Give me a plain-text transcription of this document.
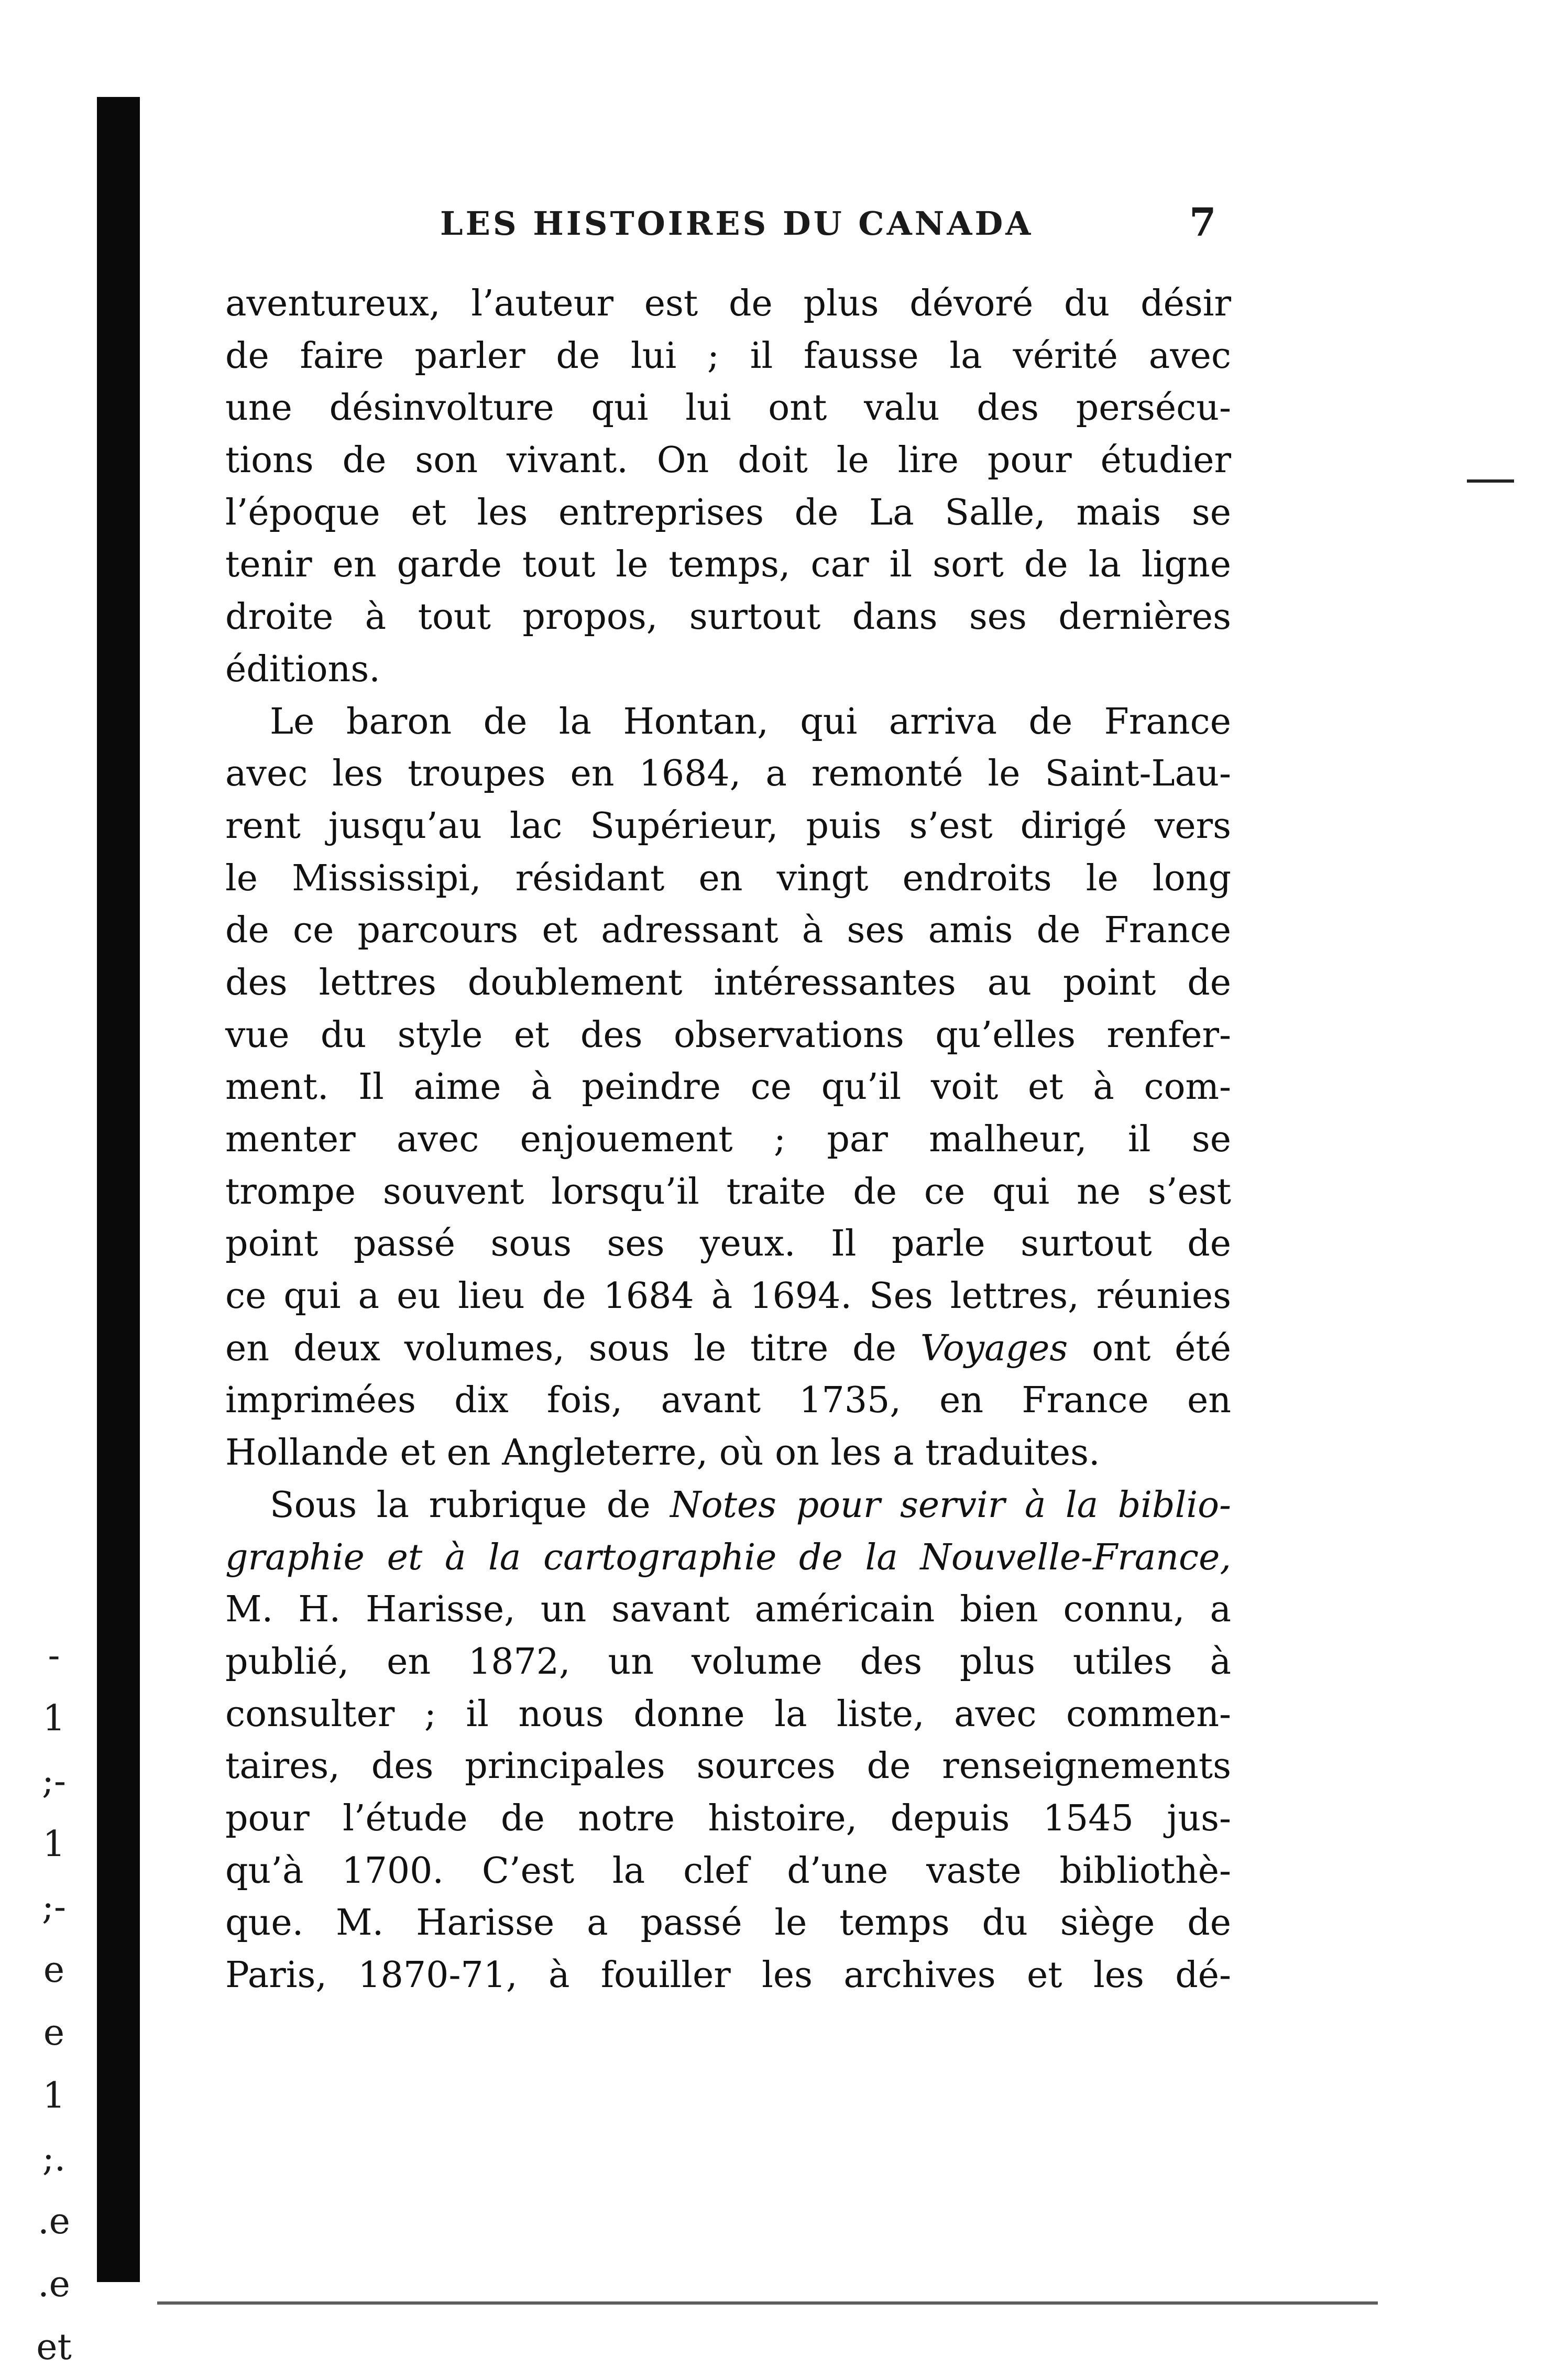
-
1
;-
1
;-
e
e
1
;.
.e
.e
et
LES HISTOIRES DU CANADA	7
aventureux, l’auteur est de plus dévoré du désir
de faire parler de lui ; il fausse la vérité avec
une désinvolture qui lui ont valu des persécu-
tions de son vivant. On doit le lire pour étudier
l’époque et les entreprises de La Salle, mais se
tenir en garde tout le temps, car il sort de la ligne
droite à tout propos, surtout dans ses dernières
éditions.
Le baron de la Hontan, qui arriva de France
avec les troupes en 1684, a remonté le Saint-Lau-
rent jusqu’au lac Supérieur, puis s’est dirigé vers
le Mississipi, résidant en vingt endroits le long
de ce parcours et adressant à ses amis de France
des lettres doublement intéressantes au point de
vue du style et des observations qu’elles renfer-
ment. Il aime à peindre ce qu’il voit et à com-
menter avec enjouement ; par malheur, il se
trompe souvent lorsqu’il traite de ce qui ne s’est
point passé sous ses yeux. Il parle surtout de
ce qui a eu lieu de 1684 à 1694. Ses lettres, réunies
en deux volumes, sous le titre de Voyages ont été
imprimées dix fois, avant 1735, en France en
Hollande et en Angleterre, où on les a traduites.
Sous la rubrique de Notes pour servir à la biblio-
graphie et à la cartographie de la Nouvelle-France,
M. H. Harisse, un savant américain bien connu, a
publié, en 1872, un volume des plus utiles à
consulter ; il nous donne la liste, avec commen-
taires, des principales sources de renseignements
pour l’étude de notre histoire, depuis 1545 jus-
qu’à 1700. C’est la clef d’une vaste bibliothè-
que. M. Harisse a passé le temps du siège de
Paris, 1870-71, à fouiller les archives et les dé-
